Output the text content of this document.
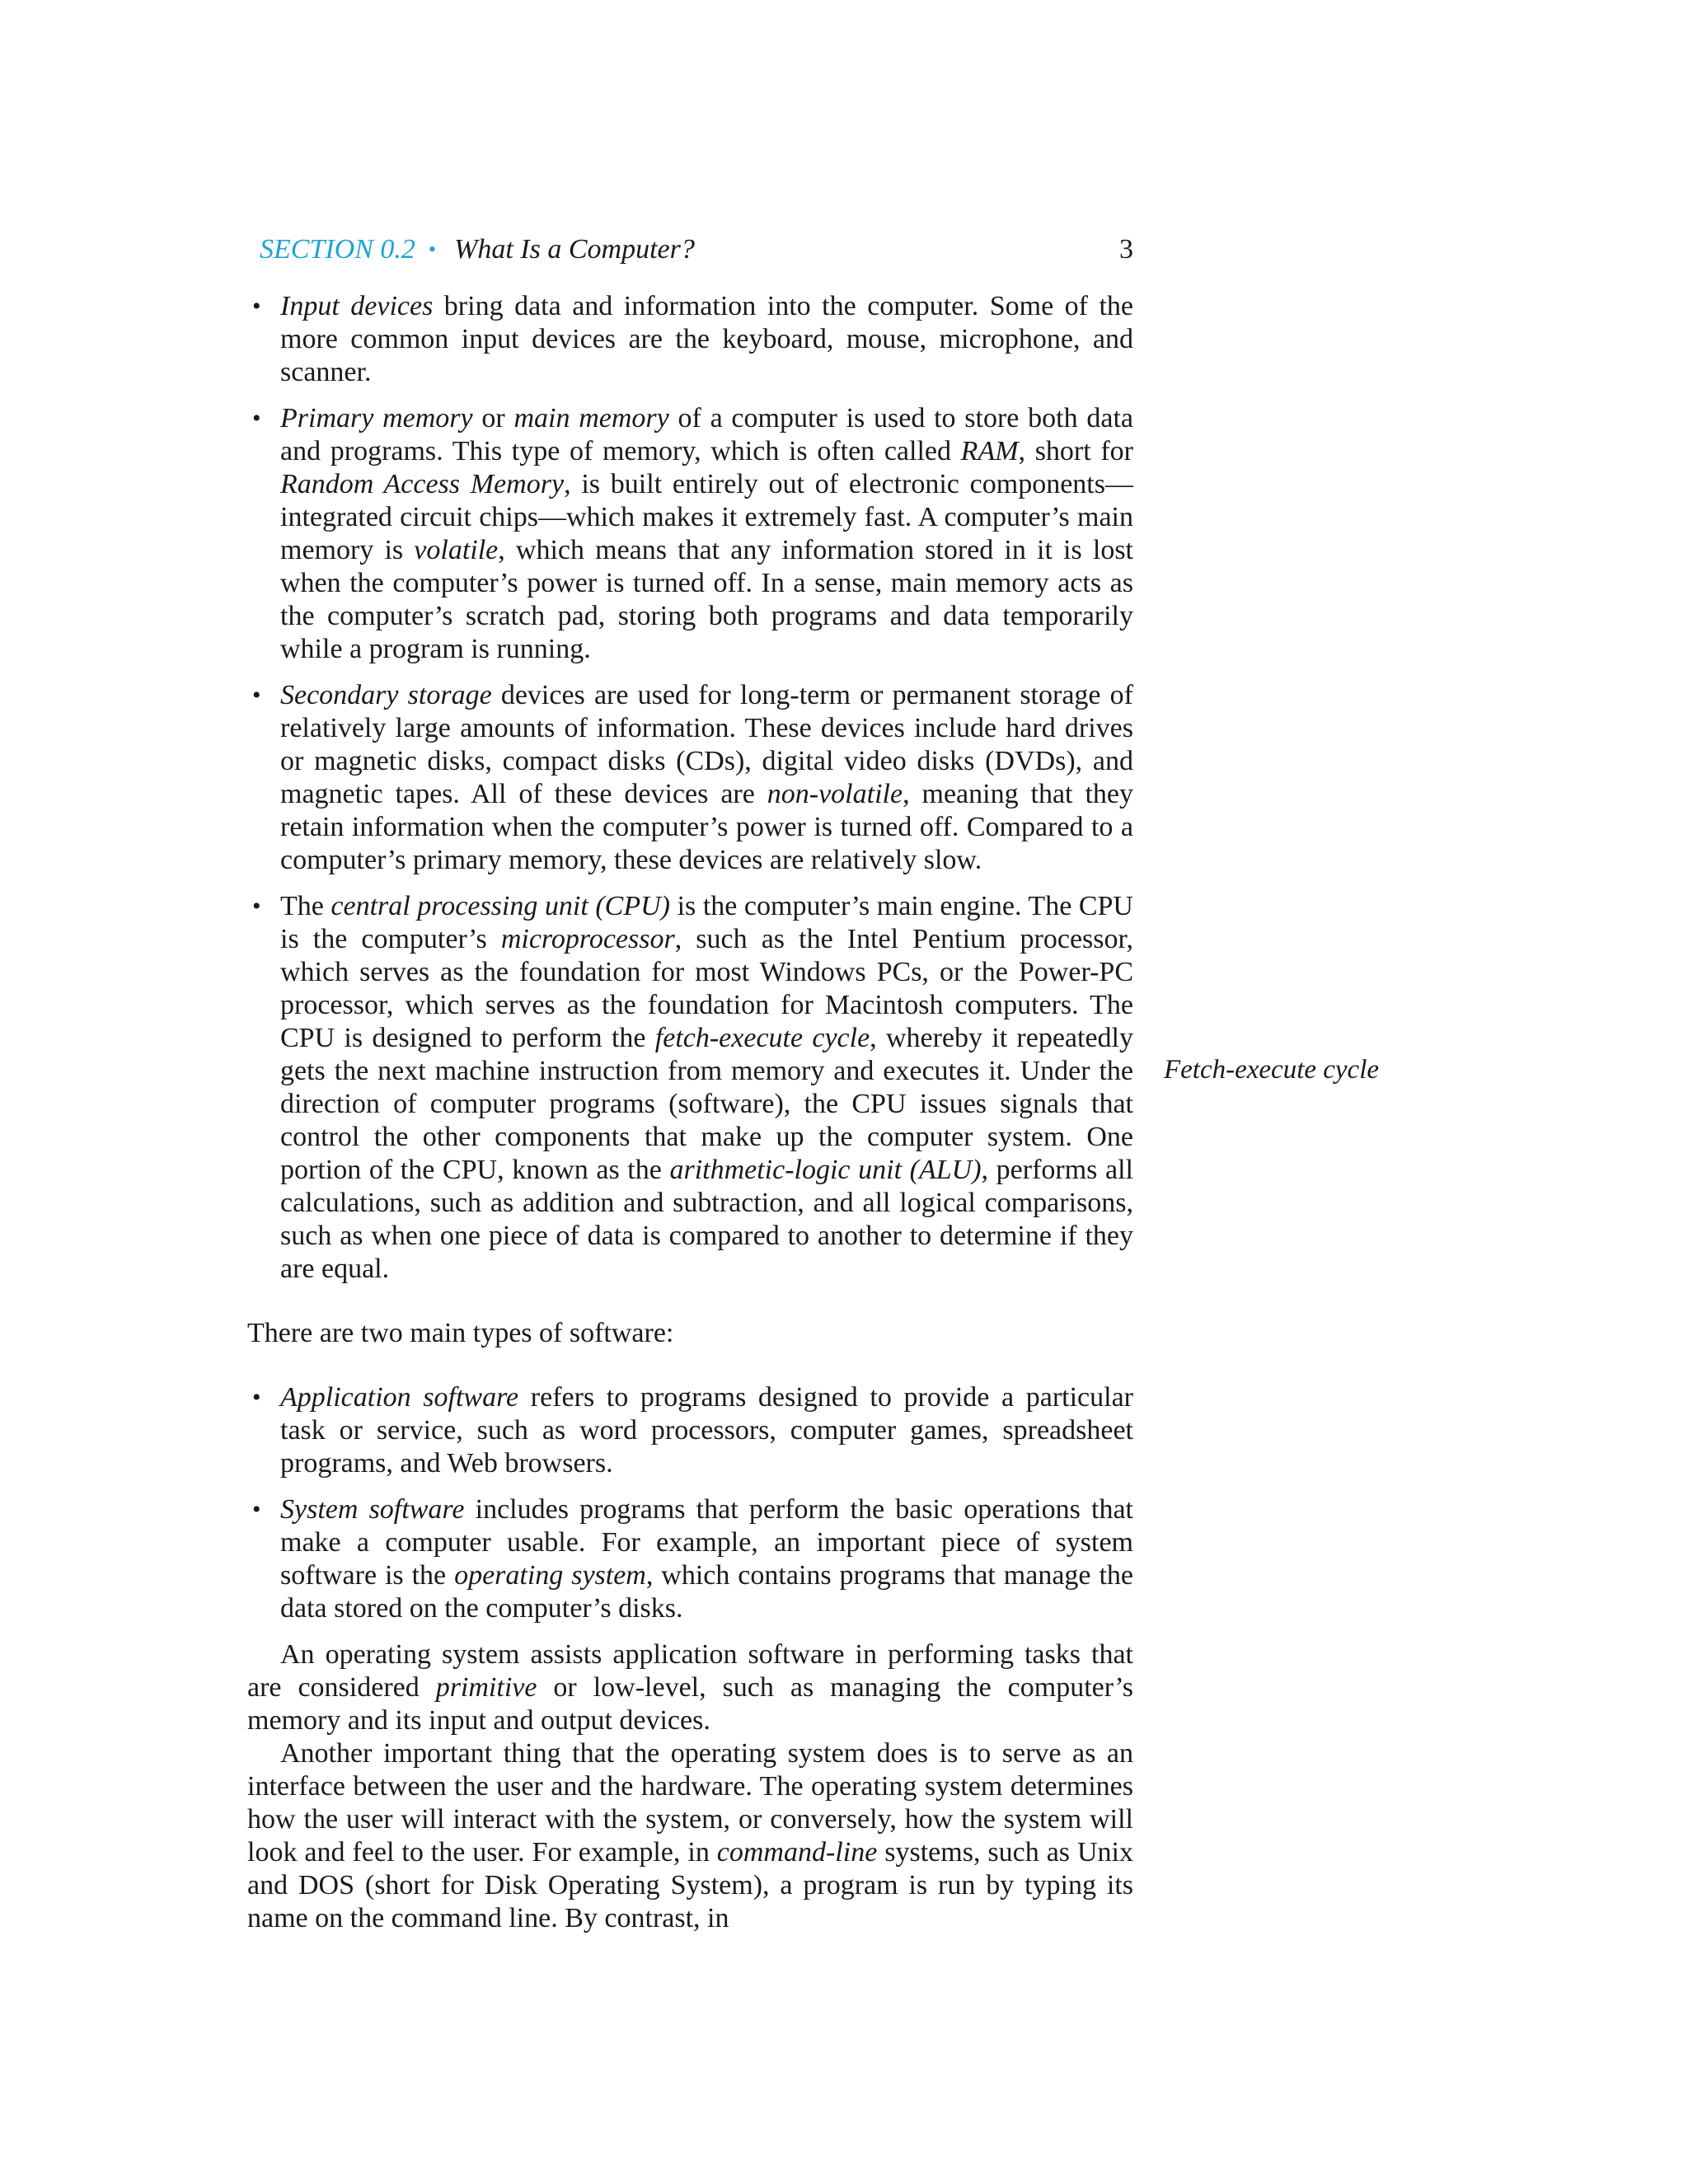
SECTION 0.2 • What Is a Computer?	3
Fetch-execute cycle
• Input devices bring data and information into the computer. Some of the more common input devices are the keyboard, mouse, microphone, and scanner.
• Primary memory or main memory of a computer is used to store both data and programs. This type of memory, which is often called RAM, short for Random Access Memory, is built entirely out of electronic components—integrated circuit chips—which makes it extremely fast. A computer’s main memory is volatile, which means that any information stored in it is lost when the computer’s power is turned off. In a sense, main memory acts as the computer’s scratch pad, storing both programs and data temporarily while a program is running.
• Secondary storage devices are used for long-term or permanent storage of relatively large amounts of information. These devices include hard drives or magnetic disks, compact disks (CDs), digital video disks (DVDs), and magnetic tapes. All of these devices are non-volatile, meaning that they retain information when the computer’s power is turned off. Compared to a computer’s primary memory, these devices are relatively slow.
• The central processing unit (CPU) is the computer’s main engine. The CPU is the computer’s microprocessor, such as the Intel Pentium processor, which serves as the foundation for most Windows PCs, or the Power-PC processor, which serves as the foundation for Macintosh computers. The CPU is designed to perform the fetch-execute cycle, whereby it repeatedly gets the next machine instruction from memory and executes it. Under the direction of computer programs (software), the CPU issues signals that control the other components that make up the computer system. One portion of the CPU, known as the arithmetic-logic unit (ALU), performs all calculations, such as addition and subtraction, and all logical comparisons, such as when one piece of data is compared to another to determine if they are equal.
There are two main types of software:
• Application software refers to programs designed to provide a particular task or service, such as word processors, computer games, spreadsheet programs, and Web browsers.
• System software includes programs that perform the basic operations that make a computer usable. For example, an important piece of system software is the operating system, which contains programs that manage the data stored on the computer’s disks.

An operating system assists application software in performing tasks that are considered primitive or low-level, such as managing the computer’s memory and its input and output devices.

Another important thing that the operating system does is to serve as an interface between the user and the hardware. The operating system determines how the user will interact with the system, or conversely, how the system will look and feel to the user. For example, in command-line systems, such as Unix and DOS (short for Disk Operating System), a program is run by typing its name on the command line. By contrast, in
